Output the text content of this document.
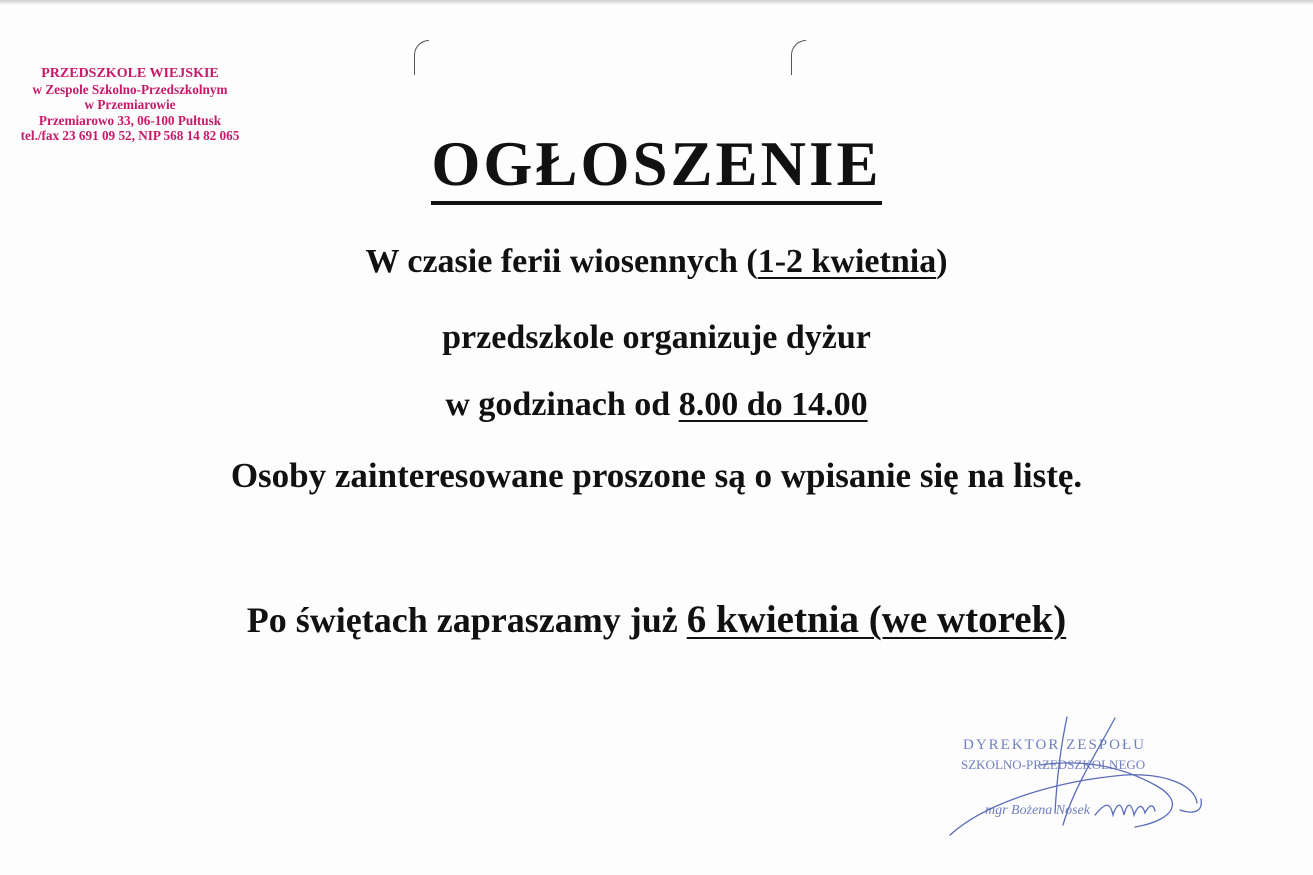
PRZEDSZKOLE WIEJSKIE
w Zespole Szkolno-Przedszkolnym
w Przemiarowie
Przemiarowo 33, 06-100 Pułtusk
tel./fax 23 691 09 52, NIP 568 14 82 065	OGŁOSZENIE
W czasie ferii wiosennych (1-2 kwietnia)
przedszkole organizuje dyżur
w godzinach od 8.00 do 14.00
Osoby zainteresowane proszone są o wpisanie się na listę.
Po świętach zapraszamy już 6 kwietnia (we wtorek)
DYREKTOR ZESPOŁU
SZKOLNO-PRZEDSZKOLNEGO
mgr Bożena Nosek
